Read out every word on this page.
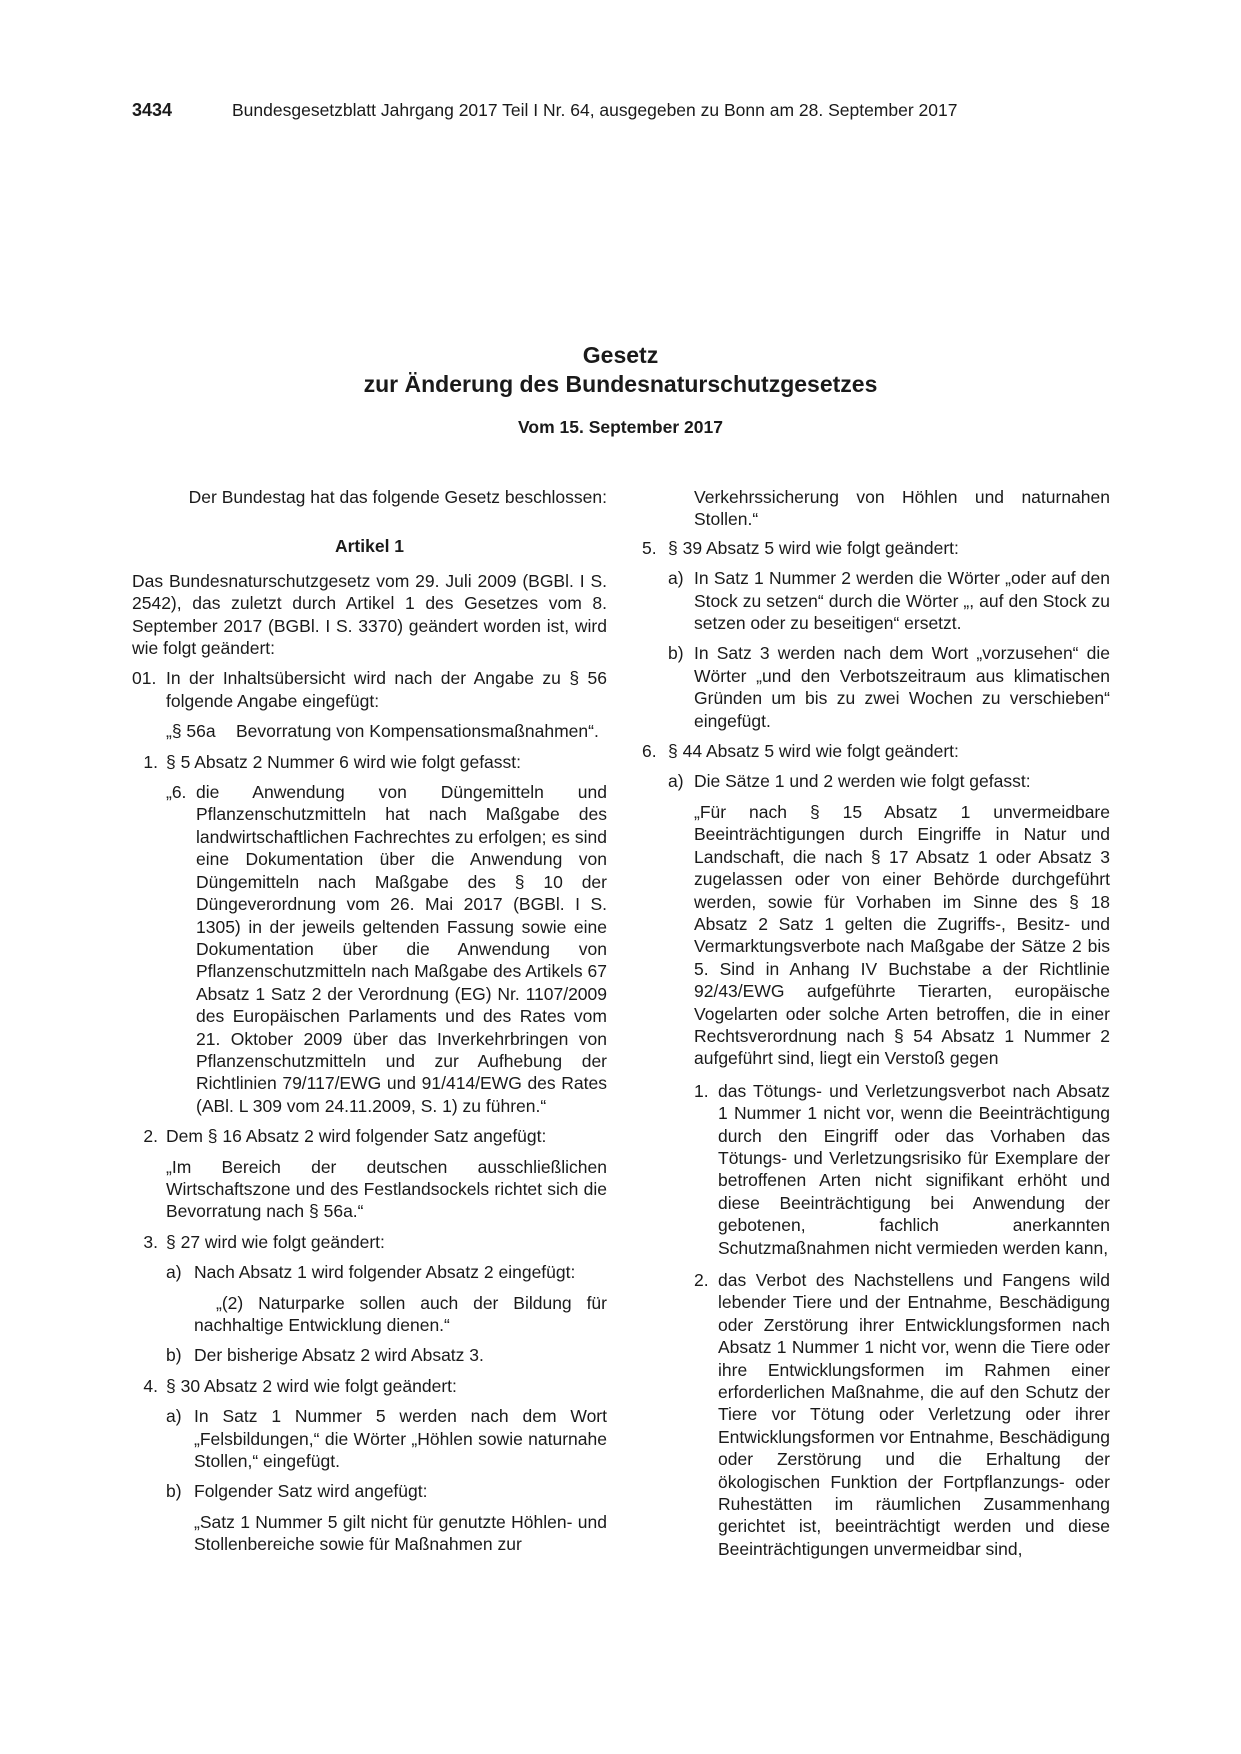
3434	Bundesgesetzblatt Jahrgang 2017 Teil I Nr. 64, ausgegeben zu Bonn am 28. September 2017
Gesetz
zur Änderung des Bundesnaturschutzgesetzes
Vom 15. September 2017

Der Bundestag hat das folgende Gesetz beschlossen:

Artikel 1

Das Bundesnaturschutzgesetz vom 29. Juli 2009 (BGBl. I S. 2542), das zuletzt durch Artikel 1 des Gesetzes vom 8. September 2017 (BGBl. I S. 3370) geändert worden ist, wird wie folgt geändert:

01. In der Inhaltsübersicht wird nach der Angabe zu § 56 folgende Angabe eingefügt:
„§ 56a	Bevorratung von Kompensationsmaßnahmen“.
1. § 5 Absatz 2 Nummer 6 wird wie folgt gefasst:
„6. die Anwendung von Düngemitteln und Pflanzenschutzmitteln hat nach Maßgabe des landwirtschaftlichen Fachrechtes zu erfolgen; es sind eine Dokumentation über die Anwendung von Düngemitteln nach Maßgabe des § 10 der Düngeverordnung vom 26. Mai 2017 (BGBl. I S. 1305) in der jeweils geltenden Fassung sowie eine Dokumentation über die Anwendung von Pflanzenschutzmitteln nach Maßgabe des Artikels 67 Absatz 1 Satz 2 der Verordnung (EG) Nr. 1107/2009 des Europäischen Parlaments und des Rates vom 21. Oktober 2009 über das Inverkehrbringen von Pflanzenschutzmitteln und zur Aufhebung der Richtlinien 79/117/EWG und 91/414/EWG des Rates (ABl. L 309 vom 24.11.2009, S. 1) zu führen.“
2. Dem § 16 Absatz 2 wird folgender Satz angefügt:

„Im Bereich der deutschen ausschließlichen Wirtschaftszone und des Festlandsockels richtet sich die Bevorratung nach § 56a.“

3. § 27 wird wie folgt geändert:
a) Nach Absatz 1 wird folgender Absatz 2 eingefügt:

„(2) Naturparke sollen auch der Bildung für nachhaltige Entwicklung dienen.“

b) Der bisherige Absatz 2 wird Absatz 3.
4. § 30 Absatz 2 wird wie folgt geändert:
a) In Satz 1 Nummer 5 werden nach dem Wort „Felsbildungen,“ die Wörter „Höhlen sowie naturnahe Stollen,“ eingefügt.
b) Folgender Satz wird angefügt:

„Satz 1 Nummer 5 gilt nicht für genutzte Höhlen- und Stollenbereiche sowie für Maßnahmen zur

Verkehrssicherung von Höhlen und naturnahen Stollen.“

5. § 39 Absatz 5 wird wie folgt geändert:
a) In Satz 1 Nummer 2 werden die Wörter „oder auf den Stock zu setzen“ durch die Wörter „, auf den Stock zu setzen oder zu beseitigen“ ersetzt.
b) In Satz 3 werden nach dem Wort „vorzusehen“ die Wörter „und den Verbotszeitraum aus klimatischen Gründen um bis zu zwei Wochen zu verschieben“ eingefügt.
6. § 44 Absatz 5 wird wie folgt geändert:
a) Die Sätze 1 und 2 werden wie folgt gefasst:

„Für nach § 15 Absatz 1 unvermeidbare Beeinträchtigungen durch Eingriffe in Natur und Landschaft, die nach § 17 Absatz 1 oder Absatz 3 zugelassen oder von einer Behörde durchgeführt werden, sowie für Vorhaben im Sinne des § 18 Absatz 2 Satz 1 gelten die Zugriffs-, Besitz- und Vermarktungsverbote nach Maßgabe der Sätze 2 bis 5. Sind in Anhang IV Buchstabe a der Richtlinie 92/43/EWG aufgeführte Tierarten, europäische Vogelarten oder solche Arten betroffen, die in einer Rechtsverordnung nach § 54 Absatz 1 Nummer 2 aufgeführt sind, liegt ein Verstoß gegen

1. das Tötungs- und Verletzungsverbot nach Absatz 1 Nummer 1 nicht vor, wenn die Beeinträchtigung durch den Eingriff oder das Vorhaben das Tötungs- und Verletzungsrisiko für Exemplare der betroffenen Arten nicht signifikant erhöht und diese Beeinträchtigung bei Anwendung der gebotenen, fachlich anerkannten Schutzmaßnahmen nicht vermieden werden kann,
2. das Verbot des Nachstellens und Fangens wild lebender Tiere und der Entnahme, Beschädigung oder Zerstörung ihrer Entwicklungsformen nach Absatz 1 Nummer 1 nicht vor, wenn die Tiere oder ihre Entwicklungsformen im Rahmen einer erforderlichen Maßnahme, die auf den Schutz der Tiere vor Tötung oder Verletzung oder ihrer Entwicklungsformen vor Entnahme, Beschädigung oder Zerstörung und die Erhaltung der ökologischen Funktion der Fortpflanzungs- oder Ruhestätten im räumlichen Zusammenhang gerichtet ist, beeinträchtigt werden und diese Beeinträchtigungen unvermeidbar sind,
